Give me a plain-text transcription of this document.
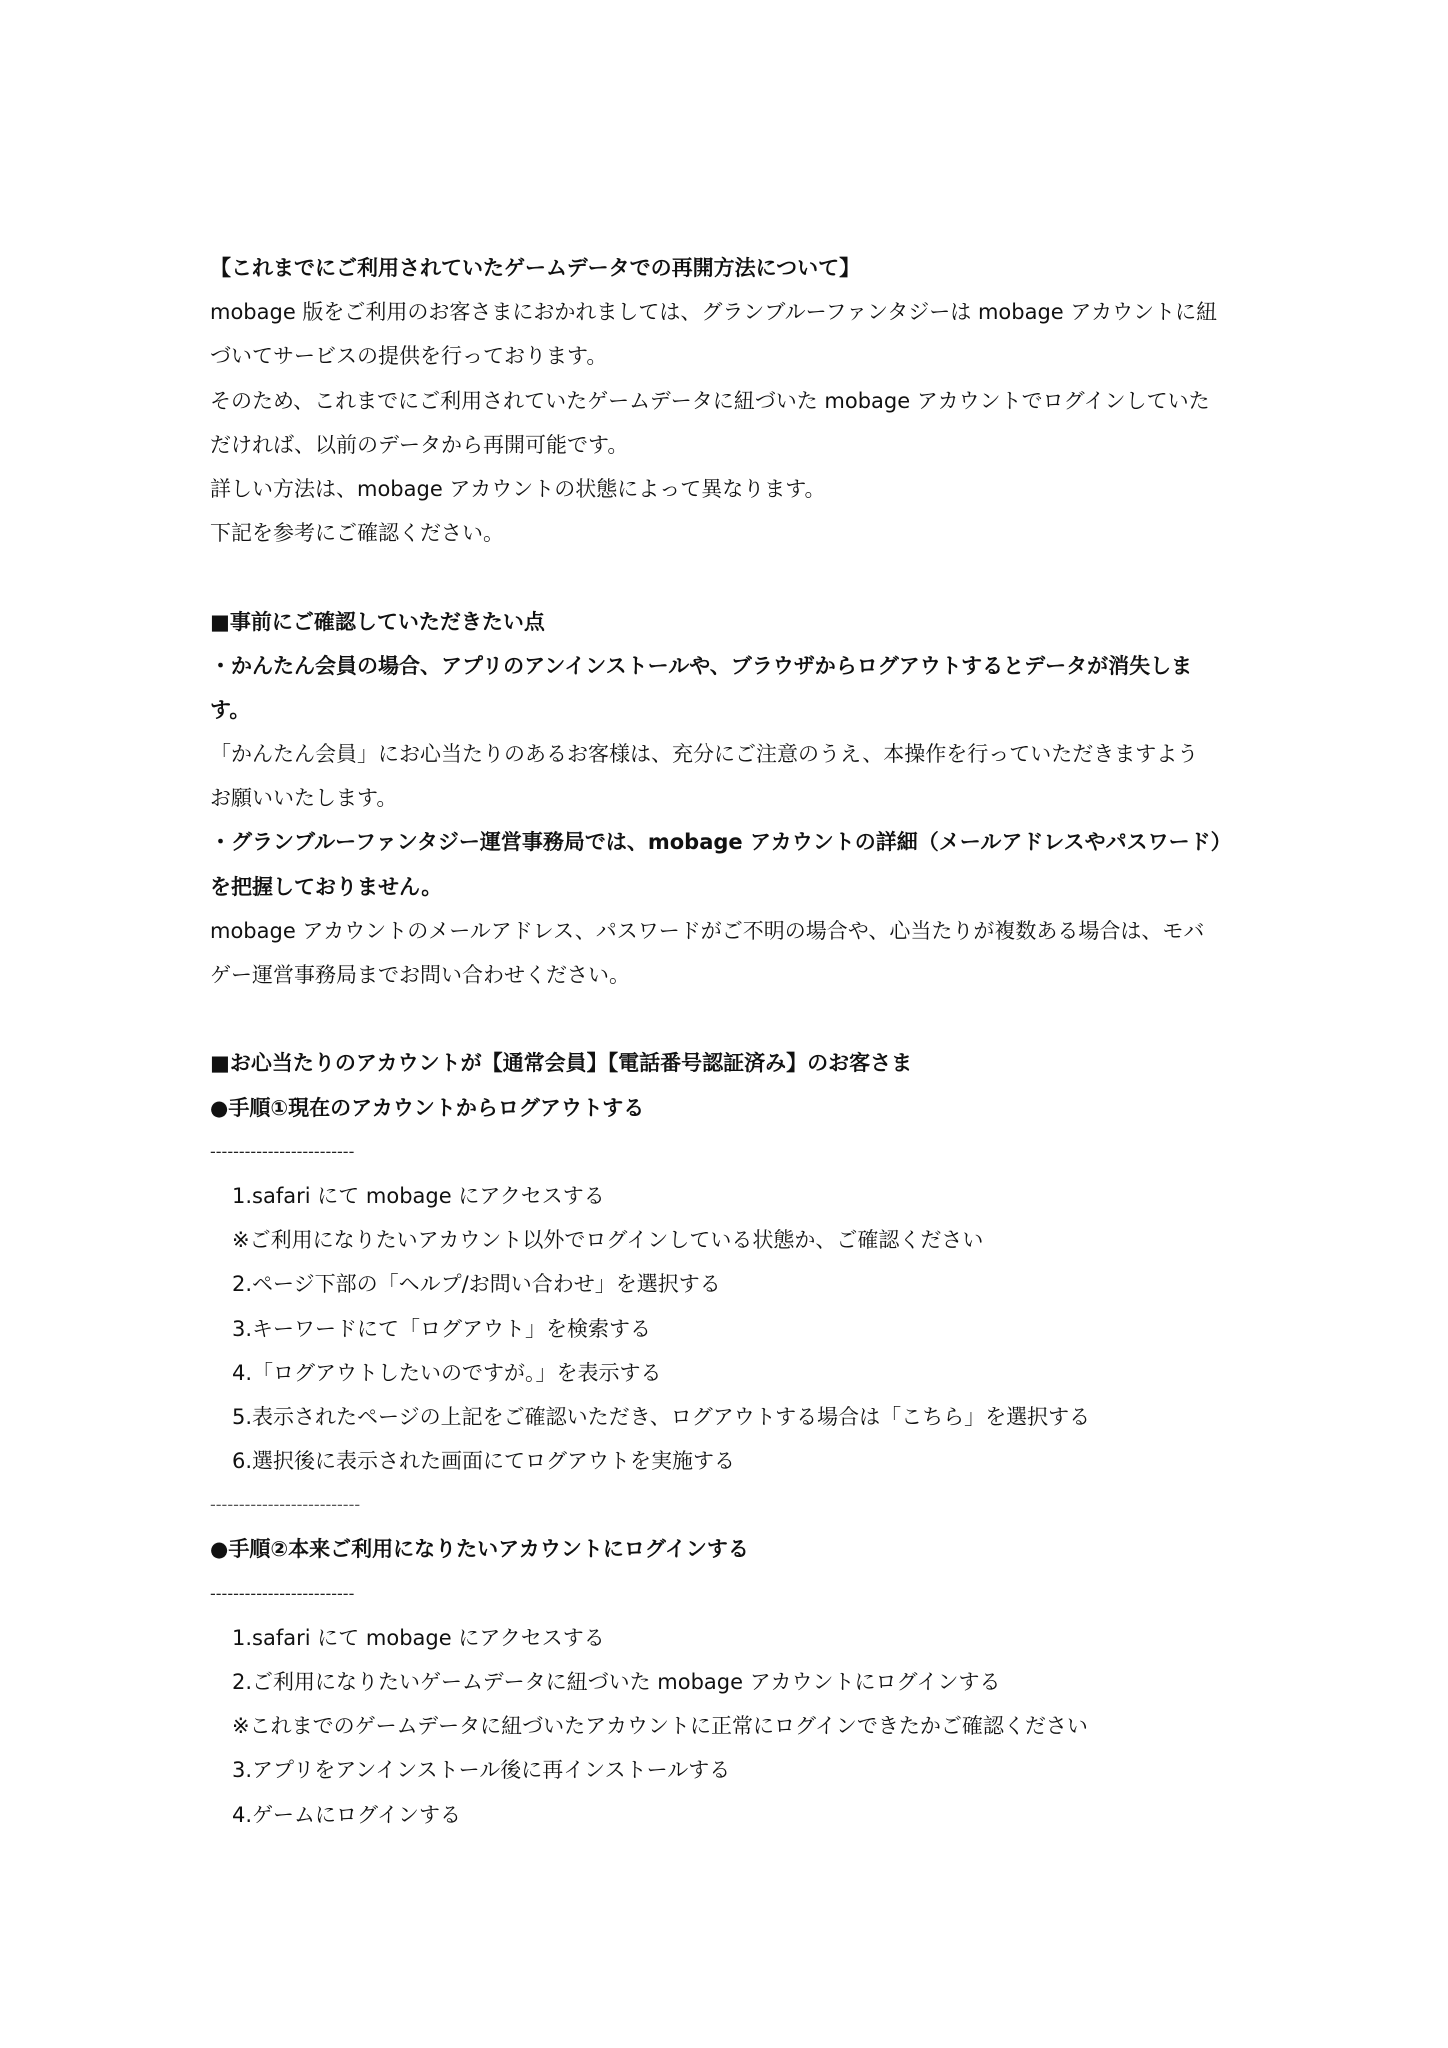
【これまでにご利用されていたゲームデータでの再開方法について】
mobage 版をご利用のお客さまにおかれましては、グランブルーファンタジーは mobage アカウントに紐
づいてサービスの提供を行っております。
そのため、これまでにご利用されていたゲームデータに紐づいた mobage アカウントでログインしていた
だければ、以前のデータから再開可能です。
詳しい方法は、mobage アカウントの状態によって異なります。
下記を参考にご確認ください。
■事前にご確認していただきたい点
・かんたん会員の場合、アプリのアンインストールや、ブラウザからログアウトするとデータが消失しま
す。
「かんたん会員」にお心当たりのあるお客様は、充分にご注意のうえ、本操作を行っていただきますよう
お願いいたします。
・グランブルーファンタジー運営事務局では、mobage アカウントの詳細（メールアドレスやパスワード）
を把握しておりません。
mobage アカウントのメールアドレス、パスワードがご不明の場合や、心当たりが複数ある場合は、モバ
ゲー運営事務局までお問い合わせください。
■お心当たりのアカウントが【通常会員】【電話番号認証済み】のお客さま
●手順①現在のアカウントからログアウトする
-------------------------
1.safari にて mobage にアクセスする
※ご利用になりたいアカウント以外でログインしている状態か、ご確認ください
2.ページ下部の「ヘルプ/お問い合わせ」を選択する
3.キーワードにて「ログアウト」を検索する
4.「ログアウトしたいのですが。」を表示する
5.表示されたページの上記をご確認いただき、ログアウトする場合は「こちら」を選択する
6.選択後に表示された画面にてログアウトを実施する
--------------------------
●手順②本来ご利用になりたいアカウントにログインする
-------------------------
1.safari にて mobage にアクセスする
2.ご利用になりたいゲームデータに紐づいた mobage アカウントにログインする
※これまでのゲームデータに紐づいたアカウントに正常にログインできたかご確認ください
3.アプリをアンインストール後に再インストールする
4.ゲームにログインする
